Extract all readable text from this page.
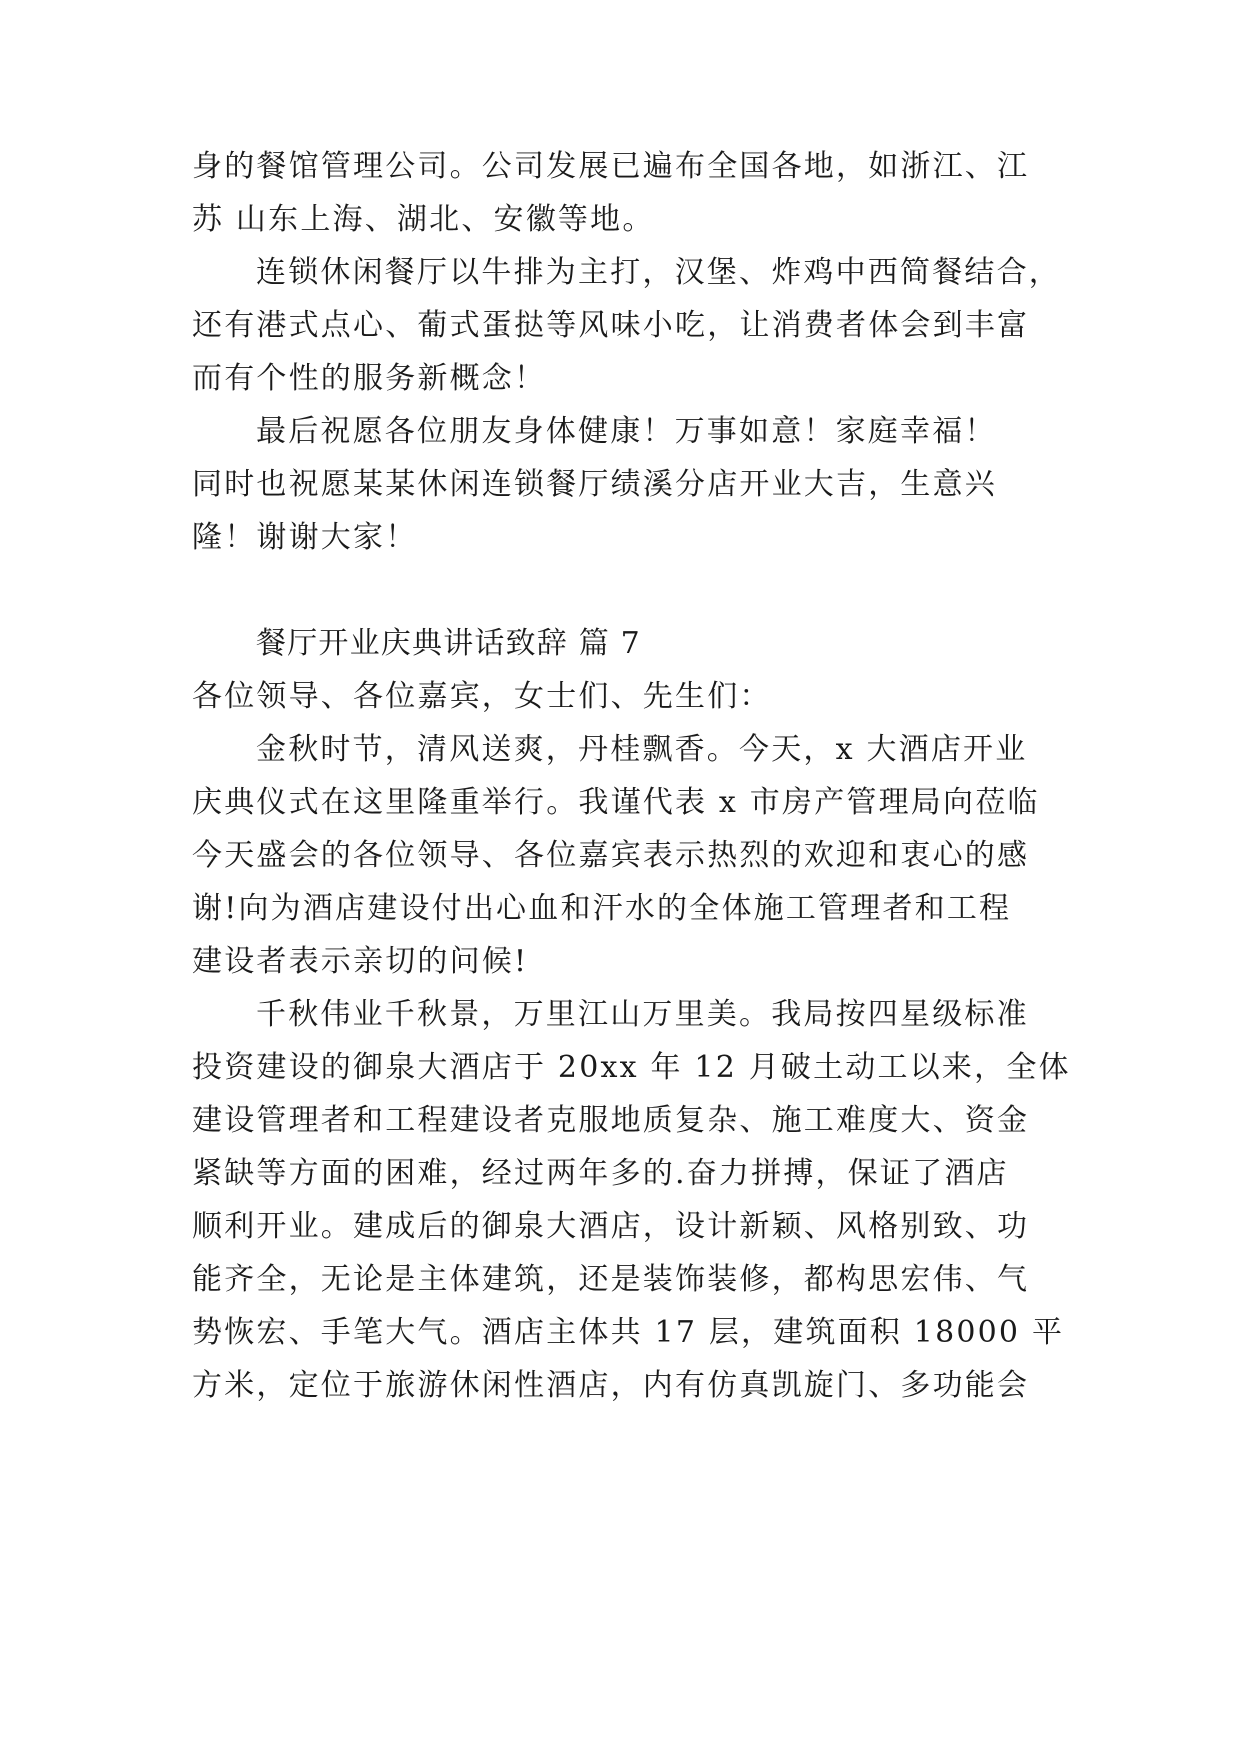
身的餐馆管理公司。公司发展已遍布全国各地，如浙江、江
苏 山东上海、湖北、安徽等地。
连锁休闲餐厅以牛排为主打，汉堡、炸鸡中西简餐结合，
还有港式点心、葡式蛋挞等风味小吃，让消费者体会到丰富
而有个性的服务新概念！
最后祝愿各位朋友身体健康！万事如意！家庭幸福！
同时也祝愿某某休闲连锁餐厅绩溪分店开业大吉，生意兴
隆！谢谢大家！
餐厅开业庆典讲话致辞 篇 7
各位领导、各位嘉宾，女士们、先生们：
金秋时节，清风送爽，丹桂飘香。今天，x 大酒店开业
庆典仪式在这里隆重举行。我谨代表 x 市房产管理局向莅临
今天盛会的各位领导、各位嘉宾表示热烈的欢迎和衷心的感
谢!向为酒店建设付出心血和汗水的全体施工管理者和工程
建设者表示亲切的问候!
千秋伟业千秋景，万里江山万里美。我局按四星级标准
投资建设的御泉大酒店于 20xx 年 12 月破土动工以来，全体
建设管理者和工程建设者克服地质复杂、施工难度大、资金
紧缺等方面的困难，经过两年多的.奋力拼搏，保证了酒店
顺利开业。建成后的御泉大酒店，设计新颖、风格别致、功
能齐全，无论是主体建筑，还是装饰装修，都构思宏伟、气
势恢宏、手笔大气。酒店主体共 17 层，建筑面积 18000 平
方米，定位于旅游休闲性酒店，内有仿真凯旋门、多功能会
